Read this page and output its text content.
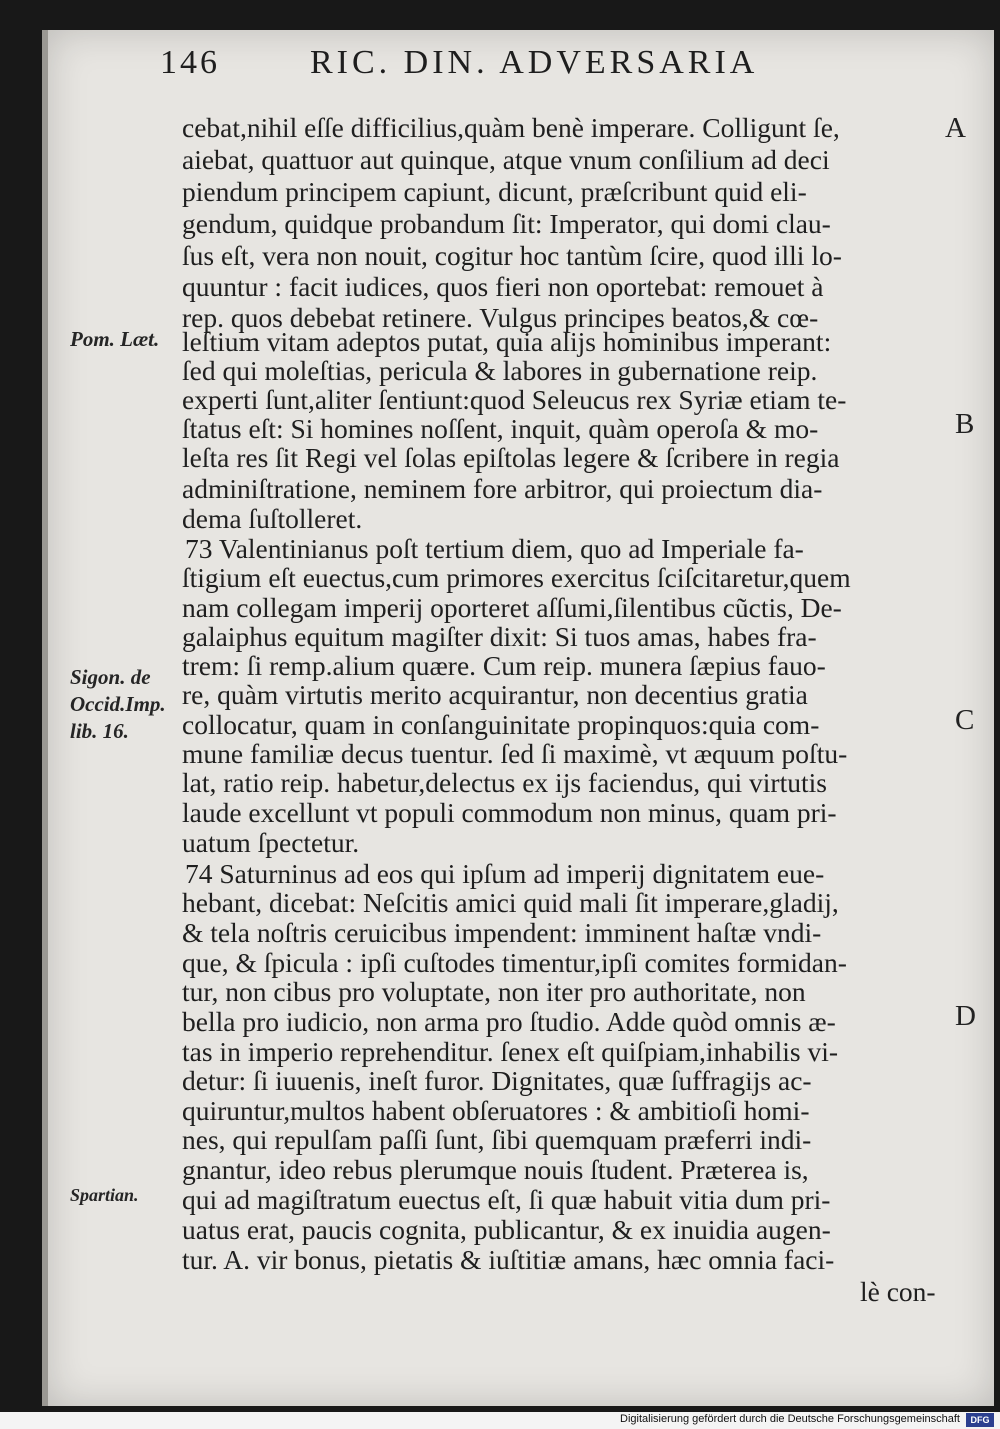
146	RIC. DIN. ADVERSARIA
cebat,nihil eſſe difficilius,quàm benè imperare. Colligunt ſe,
aiebat, quattuor aut quinque, atque vnum conſilium ad deci
piendum principem capiunt, dicunt, præſcribunt quid eli-
gendum, quidque probandum ſit: Imperator, qui domi clau-
ſus eſt, vera non nouit, cogitur hoc tantùm ſcire, quod illi lo-
quuntur : facit iudices, quos fieri non oportebat: remouet à
rep. quos debebat retinere. Vulgus principes beatos,& cœ-
leſtium vitam adeptos putat, quia alijs hominibus imperant:
ſed qui moleſtias, pericula & labores in gubernatione reip.
experti ſunt,aliter ſentiunt:quod Seleucus rex Syriæ etiam te-
ſtatus eſt: Si homines noſſent, inquit, quàm operoſa & mo-
leſta res ſit Regi vel ſolas epiſtolas legere & ſcribere in regia
adminiſtratione, neminem fore arbitror, qui proiectum dia-
dema ſuſtolleret.
73 Valentinianus poſt tertium diem, quo ad Imperiale fa-
ſtigium eſt euectus,cum primores exercitus ſciſcitaretur,quem
nam collegam imperij oporteret aſſumi,ſilentibus cũctis, De-
galaiphus equitum magiſter dixit: Si tuos amas, habes fra-
trem: ſi remp.alium quære. Cum reip. munera ſæpius fauo-
re, quàm virtutis merito acquirantur, non decentius gratia
collocatur, quam in conſanguinitate propinquos:quia com-
mune familiæ decus tuentur. ſed ſi maximè, vt æquum poſtu-
lat, ratio reip. habetur,delectus ex ijs faciendus, qui virtutis
laude excellunt vt populi commodum non minus, quam pri-
uatum ſpectetur.
74 Saturninus ad eos qui ipſum ad imperij dignitatem eue-
hebant, dicebat: Neſcitis amici quid mali ſit imperare,gladij,
& tela noſtris ceruicibus impendent: imminent haſtæ vndi-
que, & ſpicula : ipſi cuſtodes timentur,ipſi comites formidan-
tur, non cibus pro voluptate, non iter pro authoritate, non
bella pro iudicio, non arma pro ſtudio. Adde quòd omnis æ-
tas in imperio reprehenditur. ſenex eſt quiſpiam,inhabilis vi-
detur: ſi iuuenis, ineſt furor. Dignitates, quæ ſuffragijs ac-
quiruntur,multos habent obſeruatores : & ambitioſi homi-
nes, qui repulſam paſſi ſunt, ſibi quemquam præferri indi-
gnantur, ideo rebus plerumque nouis ſtudent. Præterea is,
qui ad magiſtratum euectus eſt, ſi quæ habuit vitia dum pri-
uatus erat, paucis cognita, publicantur, & ex inuidia augen-
tur. A. vir bonus, pietatis & iuſtitiæ amans, hæc omnia faci-
lè con-
Pom. Læt.
Sigon. de
Occid.Imp.
lib. 16.
Spartian.
A
B
C
D
Digitalisierung gefördert durch die Deutsche Forschungsgemeinschaft	DFG
